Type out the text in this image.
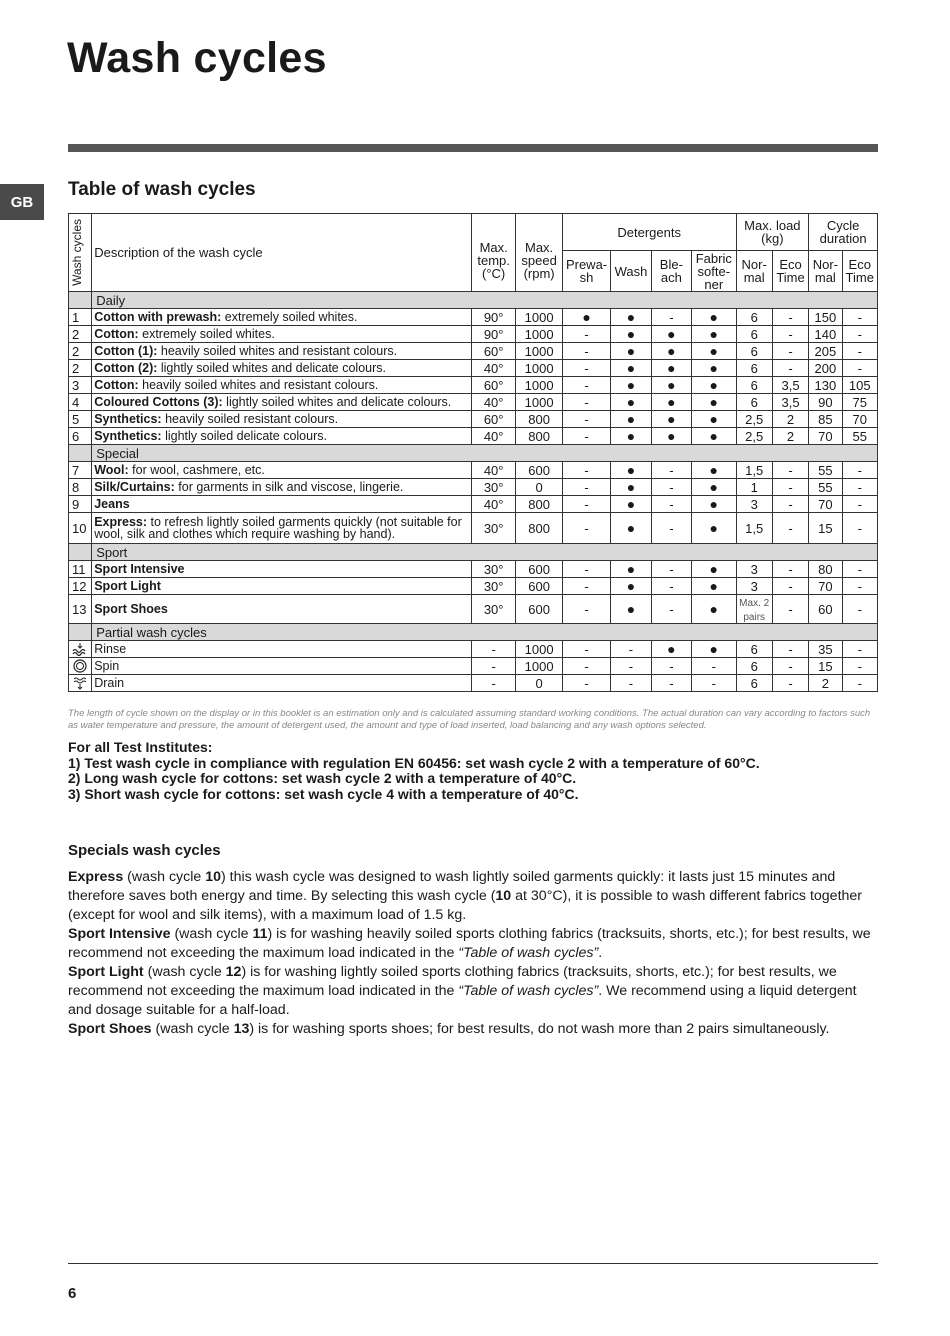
Wash cycles
GB
Table of wash cycles
Wash cycles	Description of the wash cycle	Max. temp. (°C)	Max. speed (rpm)	Detergents				Max. load (kg)		Cycle duration	
				Prewa-sh	Wash	Ble-ach	Fabric softe-ner	Nor-mal	Eco Time	Nor-mal	Eco Time
	Daily										
1	Cotton with prewash: extremely soiled whites.	90°	1000	●	●	-	●	6	-	150	-
2	Cotton: extremely soiled whites.	90°	1000	-	●	●	●	6	-	140	-
2	Cotton (1): heavily soiled whites and resistant colours.	60°	1000	-	●	●	●	6	-	205	-
2	Cotton (2): lightly soiled whites and delicate colours.	40°	1000	-	●	●	●	6	-	200	-
3	Cotton: heavily soiled whites and resistant colours.	60°	1000	-	●	●	●	6	3,5	130	105
4	Coloured Cottons (3): lightly soiled whites and delicate colours.	40°	1000	-	●	●	●	6	3,5	90	75
5	Synthetics: heavily soiled resistant colours.	60°	800	-	●	●	●	2,5	2	85	70
6	Synthetics: lightly soiled delicate colours.	40°	800	-	●	●	●	2,5	2	70	55
	Special										
7	Wool: for wool, cashmere, etc.	40°	600	-	●	-	●	1,5	-	55	-
8	Silk/Curtains: for garments in silk and viscose, lingerie.	30°	0	-	●	-	●	1	-	55	-
9	Jeans	40°	800	-	●	-	●	3	-	70	-
10	Express: to refresh lightly soiled garments quickly (not suitable for wool, silk and clothes which require washing by hand).	30°	800	-	●	-	●	1,5	-	15	-
	Sport										
11	Sport Intensive	30°	600	-	●	-	●	3	-	80	-
12	Sport Light	30°	600	-	●	-	●	3	-	70	-
13	Sport Shoes	30°	600	-	●	-	●	Max. 2 pairs	-	60	-
	Partial wash cycles										
	Rinse	-	1000	-	-	●	●	6	-	35	-
	Spin	-	1000	-	-	-	-	6	-	15	-
	Drain	-	0	-	-	-	-	6	-	2	-
The length of cycle shown on the display or in this booklet is an estimation only and is calculated assuming standard working conditions. The actual duration can vary according to factors such as water temperature and pressure, the amount of detergent used, the amount and type of load inserted, load balancing and any wash options selected.
For all Test Institutes:
1) Test wash cycle in compliance with regulation EN 60456: set wash cycle 2 with a temperature of 60°C.
2) Long wash cycle for cottons: set wash cycle 2 with a temperature of 40°C.
3) Short wash cycle for cottons: set wash cycle 4 with a temperature of 40°C.
Specials wash cycles

Express (wash cycle 10) this wash cycle was designed to wash lightly soiled garments quickly: it lasts just 15 minutes and therefore saves both energy and time. By selecting this wash cycle (10 at 30°C), it is possible to wash different fabrics together (except for wool and silk items), with a maximum load of 1.5 kg.

Sport Intensive (wash cycle 11) is for washing heavily soiled sports clothing fabrics (tracksuits, shorts, etc.); for best results, we recommend not exceeding the maximum load indicated in the “Table of wash cycles”.

Sport Light (wash cycle 12) is for washing lightly soiled sports clothing fabrics (tracksuits, shorts, etc.); for best results, we recommend not exceeding the maximum load indicated in the “Table of wash cycles”. We recommend using a liquid detergent and dosage suitable for a half-load.

Sport Shoes (wash cycle 13) is for washing sports shoes; for best results, do not wash more than 2 pairs simultaneously.

6
